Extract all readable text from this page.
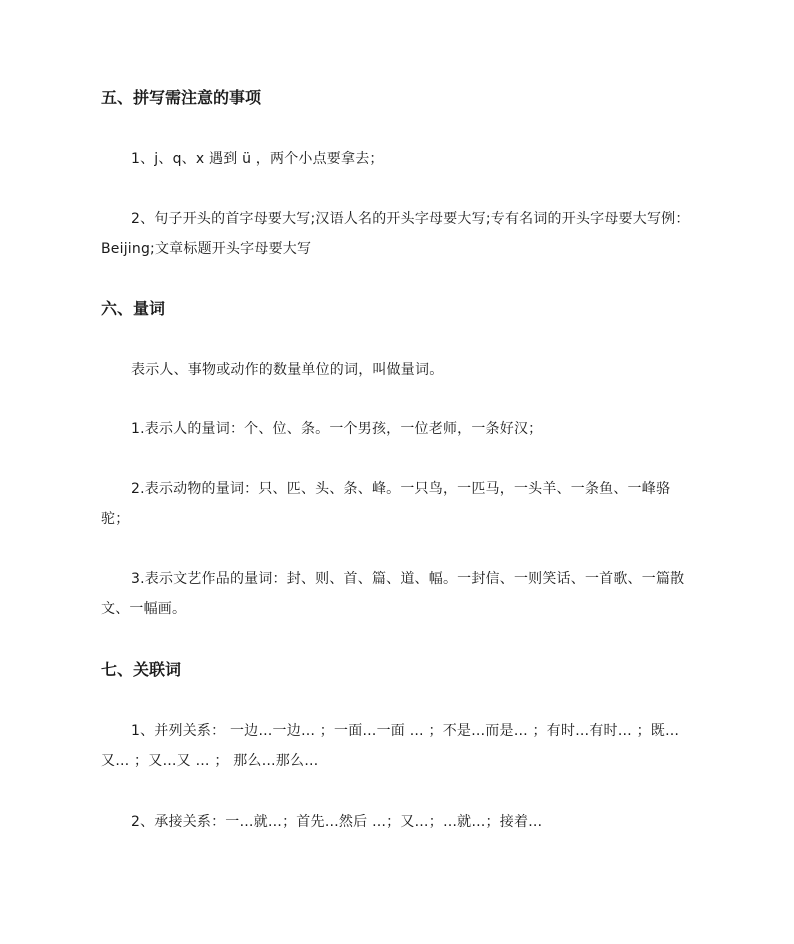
五、拼写需注意的事项
1、j、q、x 遇到 ü ，两个小点要拿去；
2、句子开头的首字母要大写;汉语人名的开头字母要大写;专有名词的开头字母要大写例：Beijing;文章标题开头字母要大写
六、量词
表示人、事物或动作的数量单位的词，叫做量词。
1.表示人的量词：个、位、条。一个男孩，一位老师，一条好汉；
2.表示动物的量词：只、匹、头、条、峰。一只鸟，一匹马，一头羊、一条鱼、一峰骆驼；
3.表示文艺作品的量词：封、则、首、篇、道、幅。一封信、一则笑话、一首歌、一篇散文、一幅画。
七、关联词
1、并列关系： 一边…一边… ；一面…一面 … ；不是…而是… ；有时…有时… ；既…又… ；又…又 … ； 那么…那么…
2、承接关系：一…就…；首先…然后 …；又…；…就…；接着…
